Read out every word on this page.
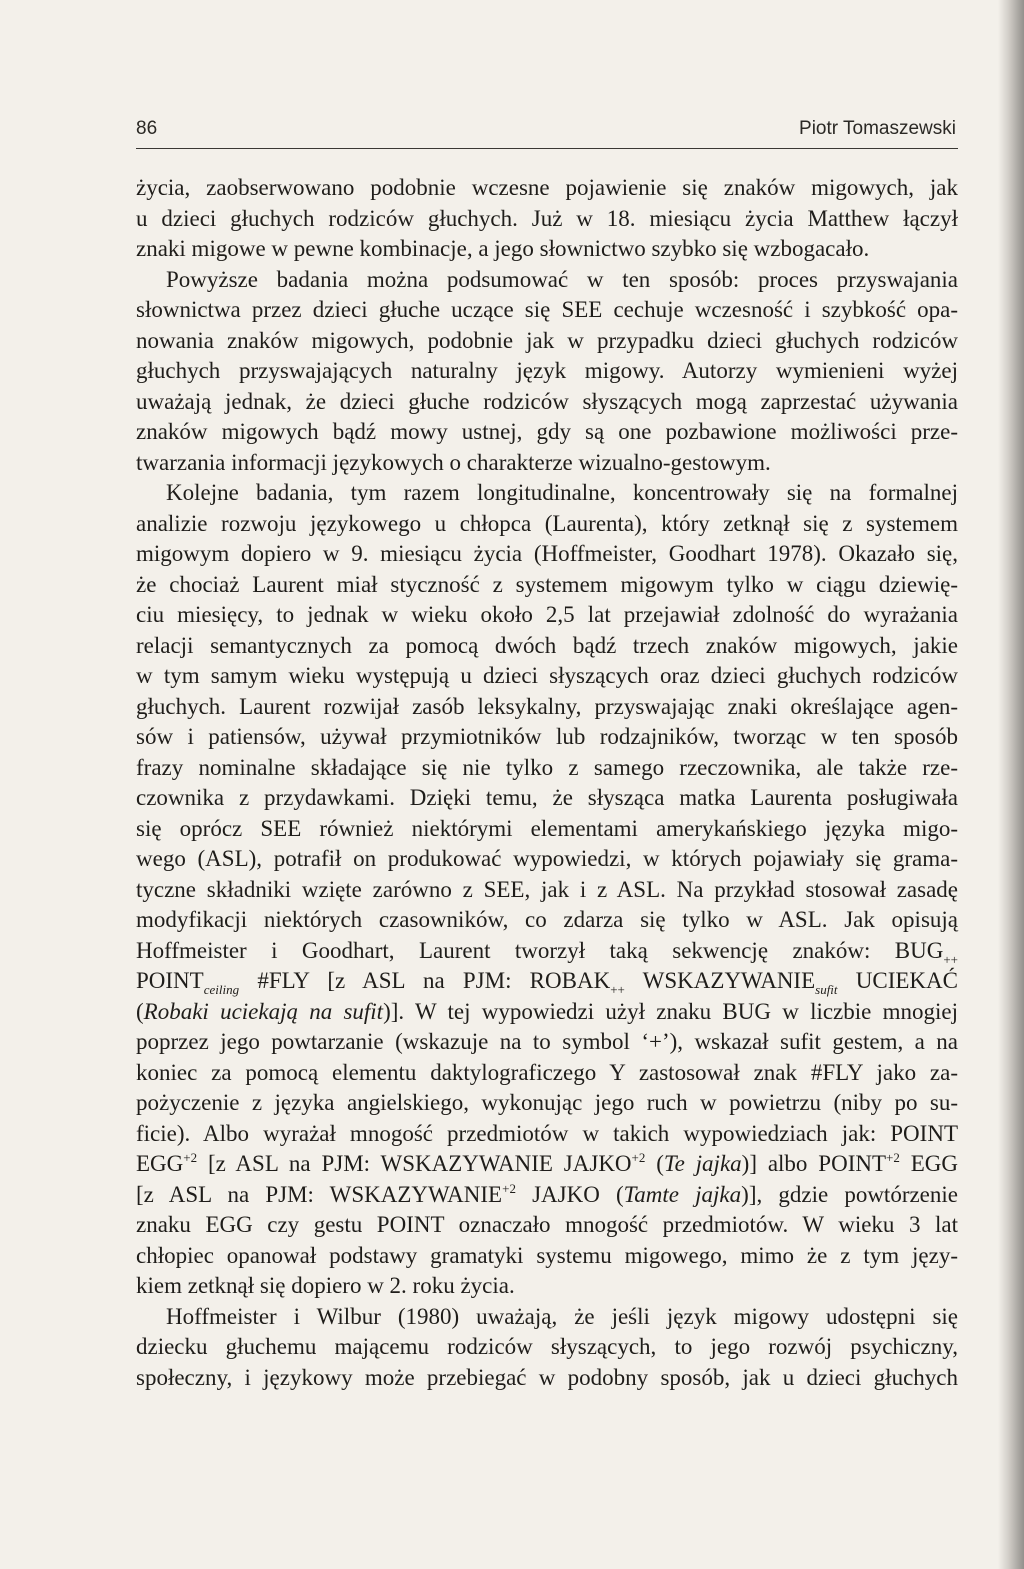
86	Piotr Tomaszewski
życia, zaobserwowano podobnie wczesne pojawienie się znaków migowych, jak
u dzieci głuchych rodziców głuchych. Już w 18. miesiącu życia Matthew łączył
znaki migowe w pewne kombinacje, a jego słownictwo szybko się wzbogacało.
Powyższe badania można podsumować w ten sposób: proces przyswajania
słownictwa przez dzieci głuche uczące się SEE cechuje wczesność i szybkość opa-
nowania znaków migowych, podobnie jak w przypadku dzieci głuchych rodziców
głuchych przyswajających naturalny język migowy. Autorzy wymienieni wyżej
uważają jednak, że dzieci głuche rodziców słyszących mogą zaprzestać używania
znaków migowych bądź mowy ustnej, gdy są one pozbawione możliwości prze-
twarzania informacji językowych o charakterze wizualno-gestowym.
Kolejne badania, tym razem longitudinalne, koncentrowały się na formalnej
analizie rozwoju językowego u chłopca (Laurenta), który zetknął się z systemem
migowym dopiero w 9. miesiącu życia (Hoffmeister, Goodhart 1978). Okazało się,
że chociaż Laurent miał styczność z systemem migowym tylko w ciągu dziewię-
ciu miesięcy, to jednak w wieku około 2,5 lat przejawiał zdolność do wyrażania
relacji semantycznych za pomocą dwóch bądź trzech znaków migowych, jakie
w tym samym wieku występują u dzieci słyszących oraz dzieci głuchych rodziców
głuchych. Laurent rozwijał zasób leksykalny, przyswajając znaki określające agen-
sów i patiensów, używał przymiotników lub rodzajników, tworząc w ten sposób
frazy nominalne składające się nie tylko z samego rzeczownika, ale także rze-
czownika z przydawkami. Dzięki temu, że słysząca matka Laurenta posługiwała
się oprócz SEE również niektórymi elementami amerykańskiego języka migo-
wego (ASL), potrafił on produkować wypowiedzi, w których pojawiały się grama-
tyczne składniki wzięte zarówno z SEE, jak i z ASL. Na przykład stosował zasadę
modyfikacji niektórych czasowników, co zdarza się tylko w ASL. Jak opisują
Hoffmeister i Goodhart, Laurent tworzył taką sekwencję znaków: $BUG_{++}$
$POINT_{ceiling}$ #FLY [z ASL na PJM: $ROBAK_{++}$ $WSKAZYWANIE_{sufit}$ UCIEKAĆ
(Robaki uciekają na sufit)]. W tej wypowiedzi użył znaku BUG w liczbie mnogiej
poprzez jego powtarzanie (wskazuje na to symbol ‘+’), wskazał sufit gestem, a na
koniec za pomocą elementu daktylograficzego Y zastosował znak #FLY jako za-
pożyczenie z języka angielskiego, wykonując jego ruch w powietrzu (niby po su-
ficie). Albo wyrażał mnogość przedmiotów w takich wypowiedziach jak: POINT
$EGG^{+2}$ [z ASL na PJM: WSKAZYWANIE $JAJKO^{+2}$ (Te jajka)] albo $POINT^{+2}$ EGG
[z ASL na PJM: $WSKAZYWANIE^{+2}$ JAJKO (Tamte jajka)], gdzie powtórzenie
znaku EGG czy gestu POINT oznaczało mnogość przedmiotów. W wieku 3 lat
chłopiec opanował podstawy gramatyki systemu migowego, mimo że z tym języ-
kiem zetknął się dopiero w 2. roku życia.
Hoffmeister i Wilbur (1980) uważają, że jeśli język migowy udostępni się
dziecku głuchemu mającemu rodziców słyszących, to jego rozwój psychiczny,
społeczny, i językowy może przebiegać w podobny sposób, jak u dzieci głuchych
